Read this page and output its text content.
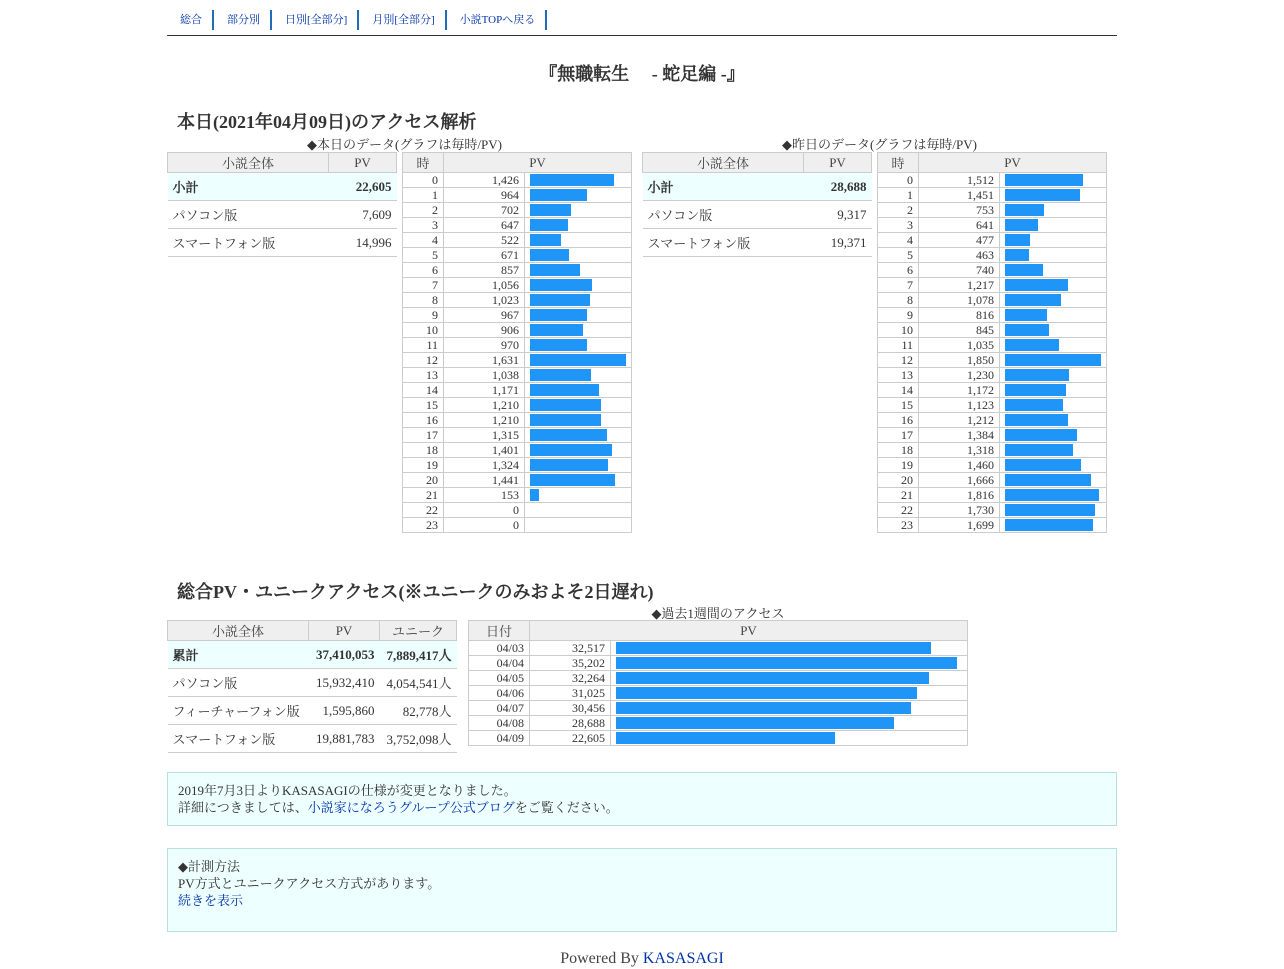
総合	部分別	日別[全部分]	月別[全部分]	小説TOPへ戻る
『無職転生　 - 蛇足編 -』
本日(2021年04月09日)のアクセス解析
◆本日のデータ(グラフは毎時/PV)	◆昨日のデータ(グラフは毎時/PV)
小説全体	PV
小計	22,605
パソコン版	7,609
スマートフォン版	14,996
時	PV	
0	1,426	

1	964	

2	702	

3	647	

4	522	

5	671	

6	857	

7	1,056	

8	1,023	

9	967	

10	906	

11	970	

12	1,631	

13	1,038	

14	1,171	

15	1,210	

16	1,210	

17	1,315	

18	1,401	

19	1,324	

20	1,441	

21	153	

22	0	

23	0	
小説全体	PV
小計	28,688
パソコン版	9,317
スマートフォン版	19,371
時	PV	
0	1,512	

1	1,451	

2	753	

3	641	

4	477	

5	463	

6	740	

7	1,217	

8	1,078	

9	816	

10	845	

11	1,035	

12	1,850	

13	1,230	

14	1,172	

15	1,123	

16	1,212	

17	1,384	

18	1,318	

19	1,460	

20	1,666	

21	1,816	

22	1,730	

23	1,699	
総合PV・ユニークアクセス(※ユニークのみおよそ2日遅れ)
◆過去1週間のアクセス
小説全体	PV	ユニーク
累計	37,410,053	7,889,417人
パソコン版	15,932,410	4,054,541人
フィーチャーフォン版	1,595,860	82,778人
スマートフォン版	19,881,783	3,752,098人
日付	PV	
04/03	32,517	

04/04	35,202	

04/05	32,264	

04/06	31,025	

04/07	30,456	

04/08	28,688	

04/09	22,605	
2019年7月3日よりKASASAGIの仕様が変更となりました。
詳細につきましては、小説家になろうグループ公式ブログをご覧ください。
◆計測方法
PV方式とユニークアクセス方式があります。
続きを表示
Powered By KASASAGI
